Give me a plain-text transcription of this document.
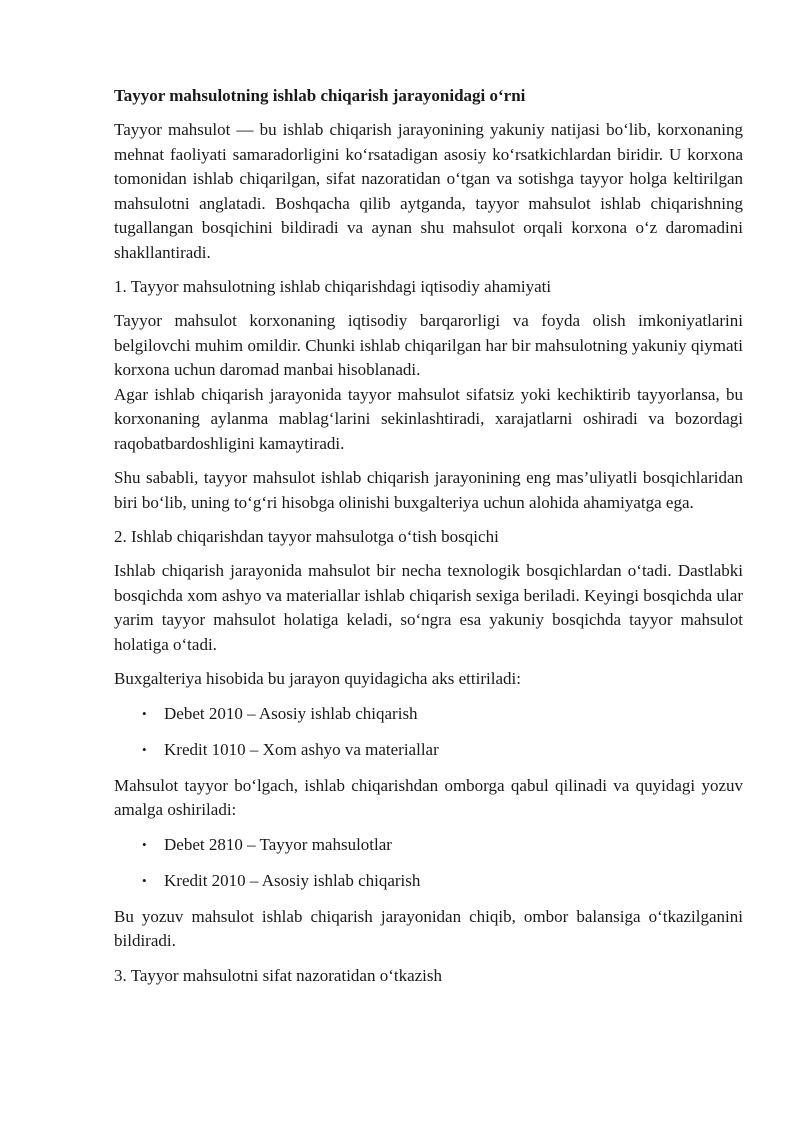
Tayyor mahsulotning ishlab chiqarish jarayonidagi o‘rni

Tayyor mahsulot — bu ishlab chiqarish jarayonining yakuniy natijasi bo‘lib, korxonaning mehnat faoliyati samaradorligini ko‘rsatadigan asosiy ko‘rsatkichlardan biridir. U korxona tomonidan ishlab chiqarilgan, sifat nazoratidan o‘tgan va sotishga tayyor holga keltirilgan mahsulotni anglatadi. Boshqacha qilib aytganda, tayyor mahsulot ishlab chiqarishning tugallangan bosqichini bildiradi va aynan shu mahsulot orqali korxona o‘z daromadini shakllantiradi.

1. Tayyor mahsulotning ishlab chiqarishdagi iqtisodiy ahamiyati

Tayyor mahsulot korxonaning iqtisodiy barqarorligi va foyda olish imkoniyatlarini belgilovchi muhim omildir. Chunki ishlab chiqarilgan har bir mahsulotning yakuniy qiymati korxona uchun daromad manbai hisoblanadi.

Agar ishlab chiqarish jarayonida tayyor mahsulot sifatsiz yoki kechiktirib tayyorlansa, bu korxonaning aylanma mablag‘larini sekinlashtiradi, xarajatlarni oshiradi va bozordagi raqobatbardoshligini kamaytiradi.

Shu sababli, tayyor mahsulot ishlab chiqarish jarayonining eng mas’uliyatli bosqichlaridan biri bo‘lib, uning to‘g‘ri hisobga olinishi buxgalteriya uchun alohida ahamiyatga ega.

2. Ishlab chiqarishdan tayyor mahsulotga o‘tish bosqichi

Ishlab chiqarish jarayonida mahsulot bir necha texnologik bosqichlardan o‘tadi. Dastlabki bosqichda xom ashyo va materiallar ishlab chiqarish sexiga beriladi. Keyingi bosqichda ular yarim tayyor mahsulot holatiga keladi, so‘ngra esa yakuniy bosqichda tayyor mahsulot holatiga o‘tadi.

Buxgalteriya hisobida bu jarayon quyidagicha aks ettiriladi:

• Debet 2010 – Asosiy ishlab chiqarish
• Kredit 1010 – Xom ashyo va materiallar

Mahsulot tayyor bo‘lgach, ishlab chiqarishdan omborga qabul qilinadi va quyidagi yozuv amalga oshiriladi:

• Debet 2810 – Tayyor mahsulotlar
• Kredit 2010 – Asosiy ishlab chiqarish

Bu yozuv mahsulot ishlab chiqarish jarayonidan chiqib, ombor balansiga o‘tkazilganini bildiradi.

3. Tayyor mahsulotni sifat nazoratidan o‘tkazish
